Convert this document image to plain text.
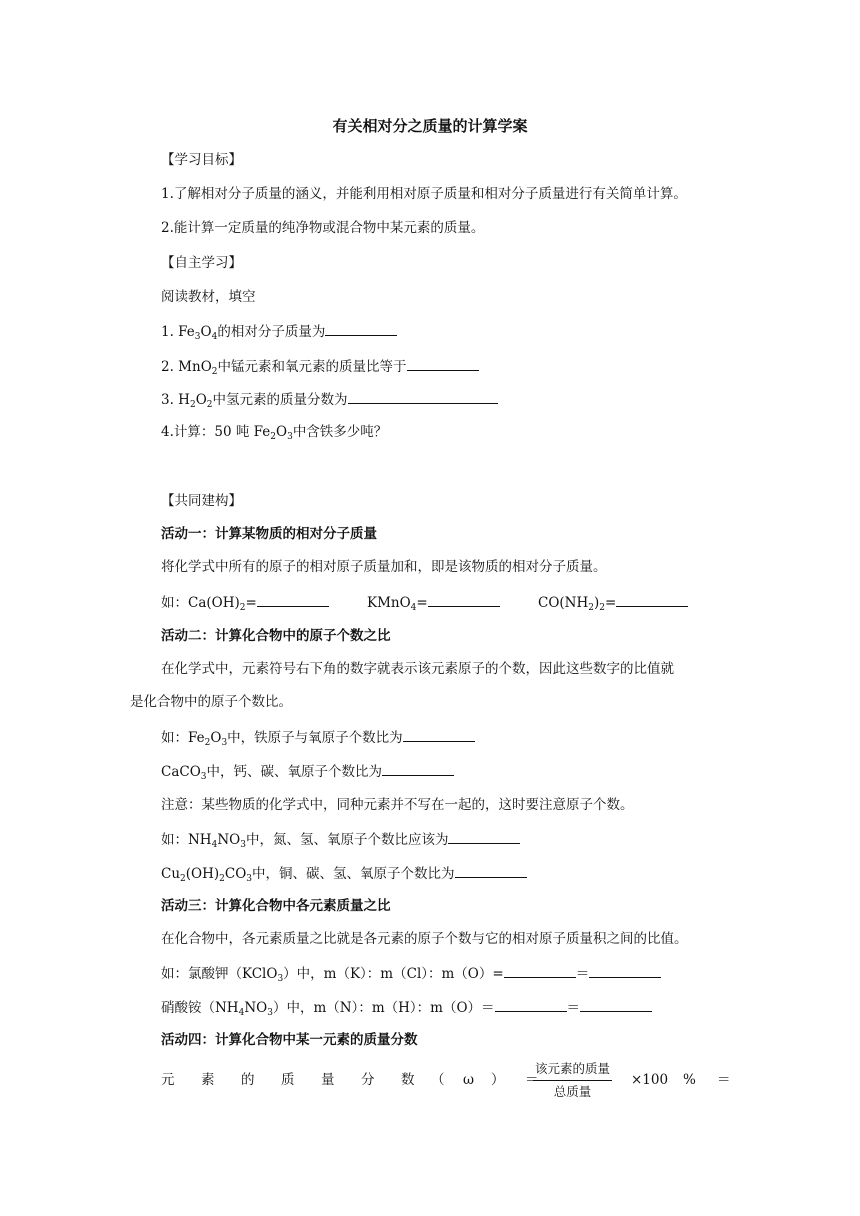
有关相对分之质量的计算学案
【学习目标】
1.了解相对分子质量的涵义，并能利用相对原子质量和相对分子质量进行有关简单计算。
2.能计算一定质量的纯净物或混合物中某元素的质量。
【自主学习】
阅读教材，填空
1. $Fe_3O_4$的相对分子质量为
2. MnO$_2$中锰元素和氧元素的质量比等于
3. $H_2O_2$中氢元素的质量分数为
4.计算：50 吨 $Fe_2O_3$中含铁多少吨？
【共同建构】
活动一：计算某物质的相对分子质量
将化学式中所有的原子的相对原子质量加和，即是该物质的相对分子质量。
如：$Ca(OH)_2=$	KMnO$_4$=	$CO(NH_2)_2=$
活动二：计算化合物中的原子个数之比
在化学式中，元素符号右下角的数字就表示该元素原子的个数，因此这些数字的比值就
是化合物中的原子个数比。
如：$Fe_2O_3$中，铁原子与氧原子个数比为
CaCO$_3$中，钙、碳、氧原子个数比为
注意：某些物质的化学式中，同种元素并不写在一起的，这时要注意原子个数。
如：$NH_4NO_3$中，氮、氢、氧原子个数比应该为
$Cu_2(OH)_2CO_3$中，铜、碳、氢、氧原子个数比为
活动三：计算化合物中各元素质量之比
在化合物中，各元素质量之比就是各元素的原子个数与它的相对原子质量积之间的比值。
如：氯酸钾（KClO$_3$）中，m（K）：m（Cl）：m（O）=	＝
硝酸铵$(NH_4NO_3)$中，m（N）：m（H）：m（O）＝	＝
活动四：计算化合物中某一元素的质量分数
元 素 的 质 量 分 数 （ ω ） ＝
该元素的质量
总质量
×100 % ＝
